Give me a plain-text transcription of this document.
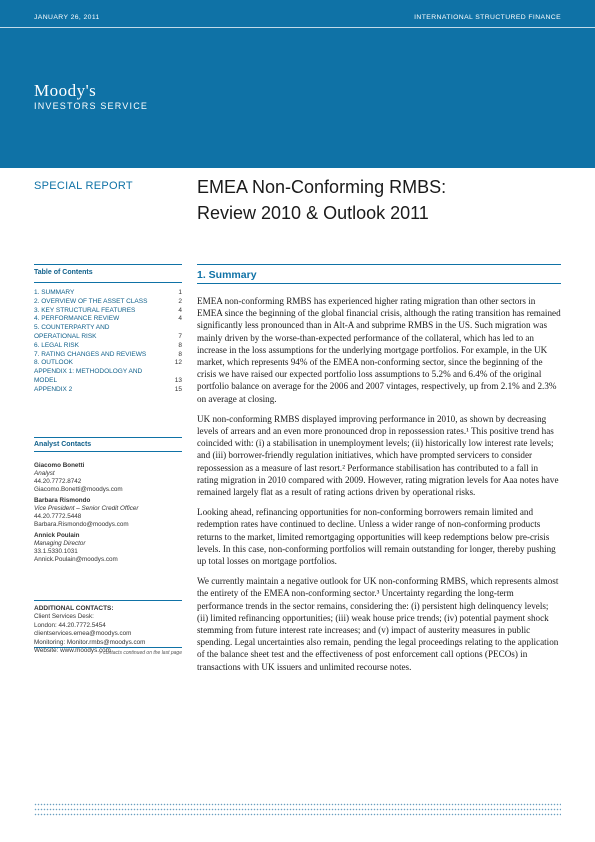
JANUARY 26, 2011	INTERNATIONAL STRUCTURED FINANCE
Moody's
INVESTORS SERVICE
SPECIAL REPORT	EMEA Non-Conforming RMBS:
Review 2010 & Outlook 2011
Table of Contents
1. SUMMARY	1
2. OVERVIEW OF THE ASSET CLASS	2
3. KEY STRUCTURAL FEATURES	4
4. PERFORMANCE REVIEW	4
5. COUNTERPARTY AND OPERATIONAL RISK	7
6. LEGAL RISK	8
7. RATING CHANGES AND REVIEWS	8
8. OUTLOOK	12
APPENDIX 1: METHODOLOGY AND MODEL	13
APPENDIX 2	15
Analyst Contacts
Giacomo Bonetti
Analyst
44.20.7772.8742
Giacomo.Bonetti@moodys.com
Barbara Rismondo
Vice President – Senior Credit Officer
44.20.7772.5448
Barbara.Rismondo@moodys.com
Annick Poulain
Managing Director
33.1.5330.1031
Annick.Poulain@moodys.com
ADDITIONAL CONTACTS:
Client Services Desk:
London: 44.20.7772.5454
clientservices.emea@moodys.com
Monitoring: Monitor.rmbs@moodys.com
Website: www.moodys.com
» contacts continued on the last page
1. Summary

EMEA non-conforming RMBS has experienced higher rating migration than other sectors in EMEA since the beginning of the global financial crisis, although the rating transition has remained significantly less pronounced than in Alt-A and subprime RMBS in the US. Such migration was mainly driven by the worse-than-expected performance of the collateral, which has led to an increase in the loss assumptions for the underlying mortgage portfolios. For example, in the UK market, which represents 94% of the EMEA non-conforming sector, since the beginning of the crisis we have raised our expected portfolio loss assumptions to 5.2% and 6.4% of the original portfolio balance on average for the 2006 and 2007 vintages, respectively, up from 2.1% and 2.3% on average at closing.

UK non-conforming RMBS displayed improving performance in 2010, as shown by decreasing levels of arrears and an even more pronounced drop in repossession rates.¹ This positive trend has coincided with: (i) a stabilisation in unemployment levels; (ii) historically low interest rate levels; and (iii) borrower-friendly regulation initiatives, which have prompted servicers to consider repossession as a measure of last resort.² Performance stabilisation has contributed to a fall in rating migration in 2010 compared with 2009. However, rating migration levels for Aaa notes have remained largely flat as a result of rating actions driven by operational risks.

Looking ahead, refinancing opportunities for non-conforming borrowers remain limited and redemption rates have continued to decline. Unless a wider range of non-conforming products returns to the market, limited remortgaging opportunities will keep redemptions below pre-crisis levels. In this case, non-conforming portfolios will remain outstanding for longer, thereby pushing up total losses on mortgage portfolios.

We currently maintain a negative outlook for UK non-conforming RMBS, which represents almost the entirety of the EMEA non-conforming sector.³ Uncertainty regarding the long-term performance trends in the sector remains, considering the: (i) persistent high delinquency levels; (ii) limited refinancing opportunities; (iii) weak house price trends; (iv) potential payment shock stemming from future interest rate increases; and (v) impact of austerity measures in public spending. Legal uncertainties also remain, pending the legal proceedings relating to the application of the balance sheet test and the effectiveness of post enforcement call options (PECOs) in transactions with UK issuers and unlimited recourse notes.
